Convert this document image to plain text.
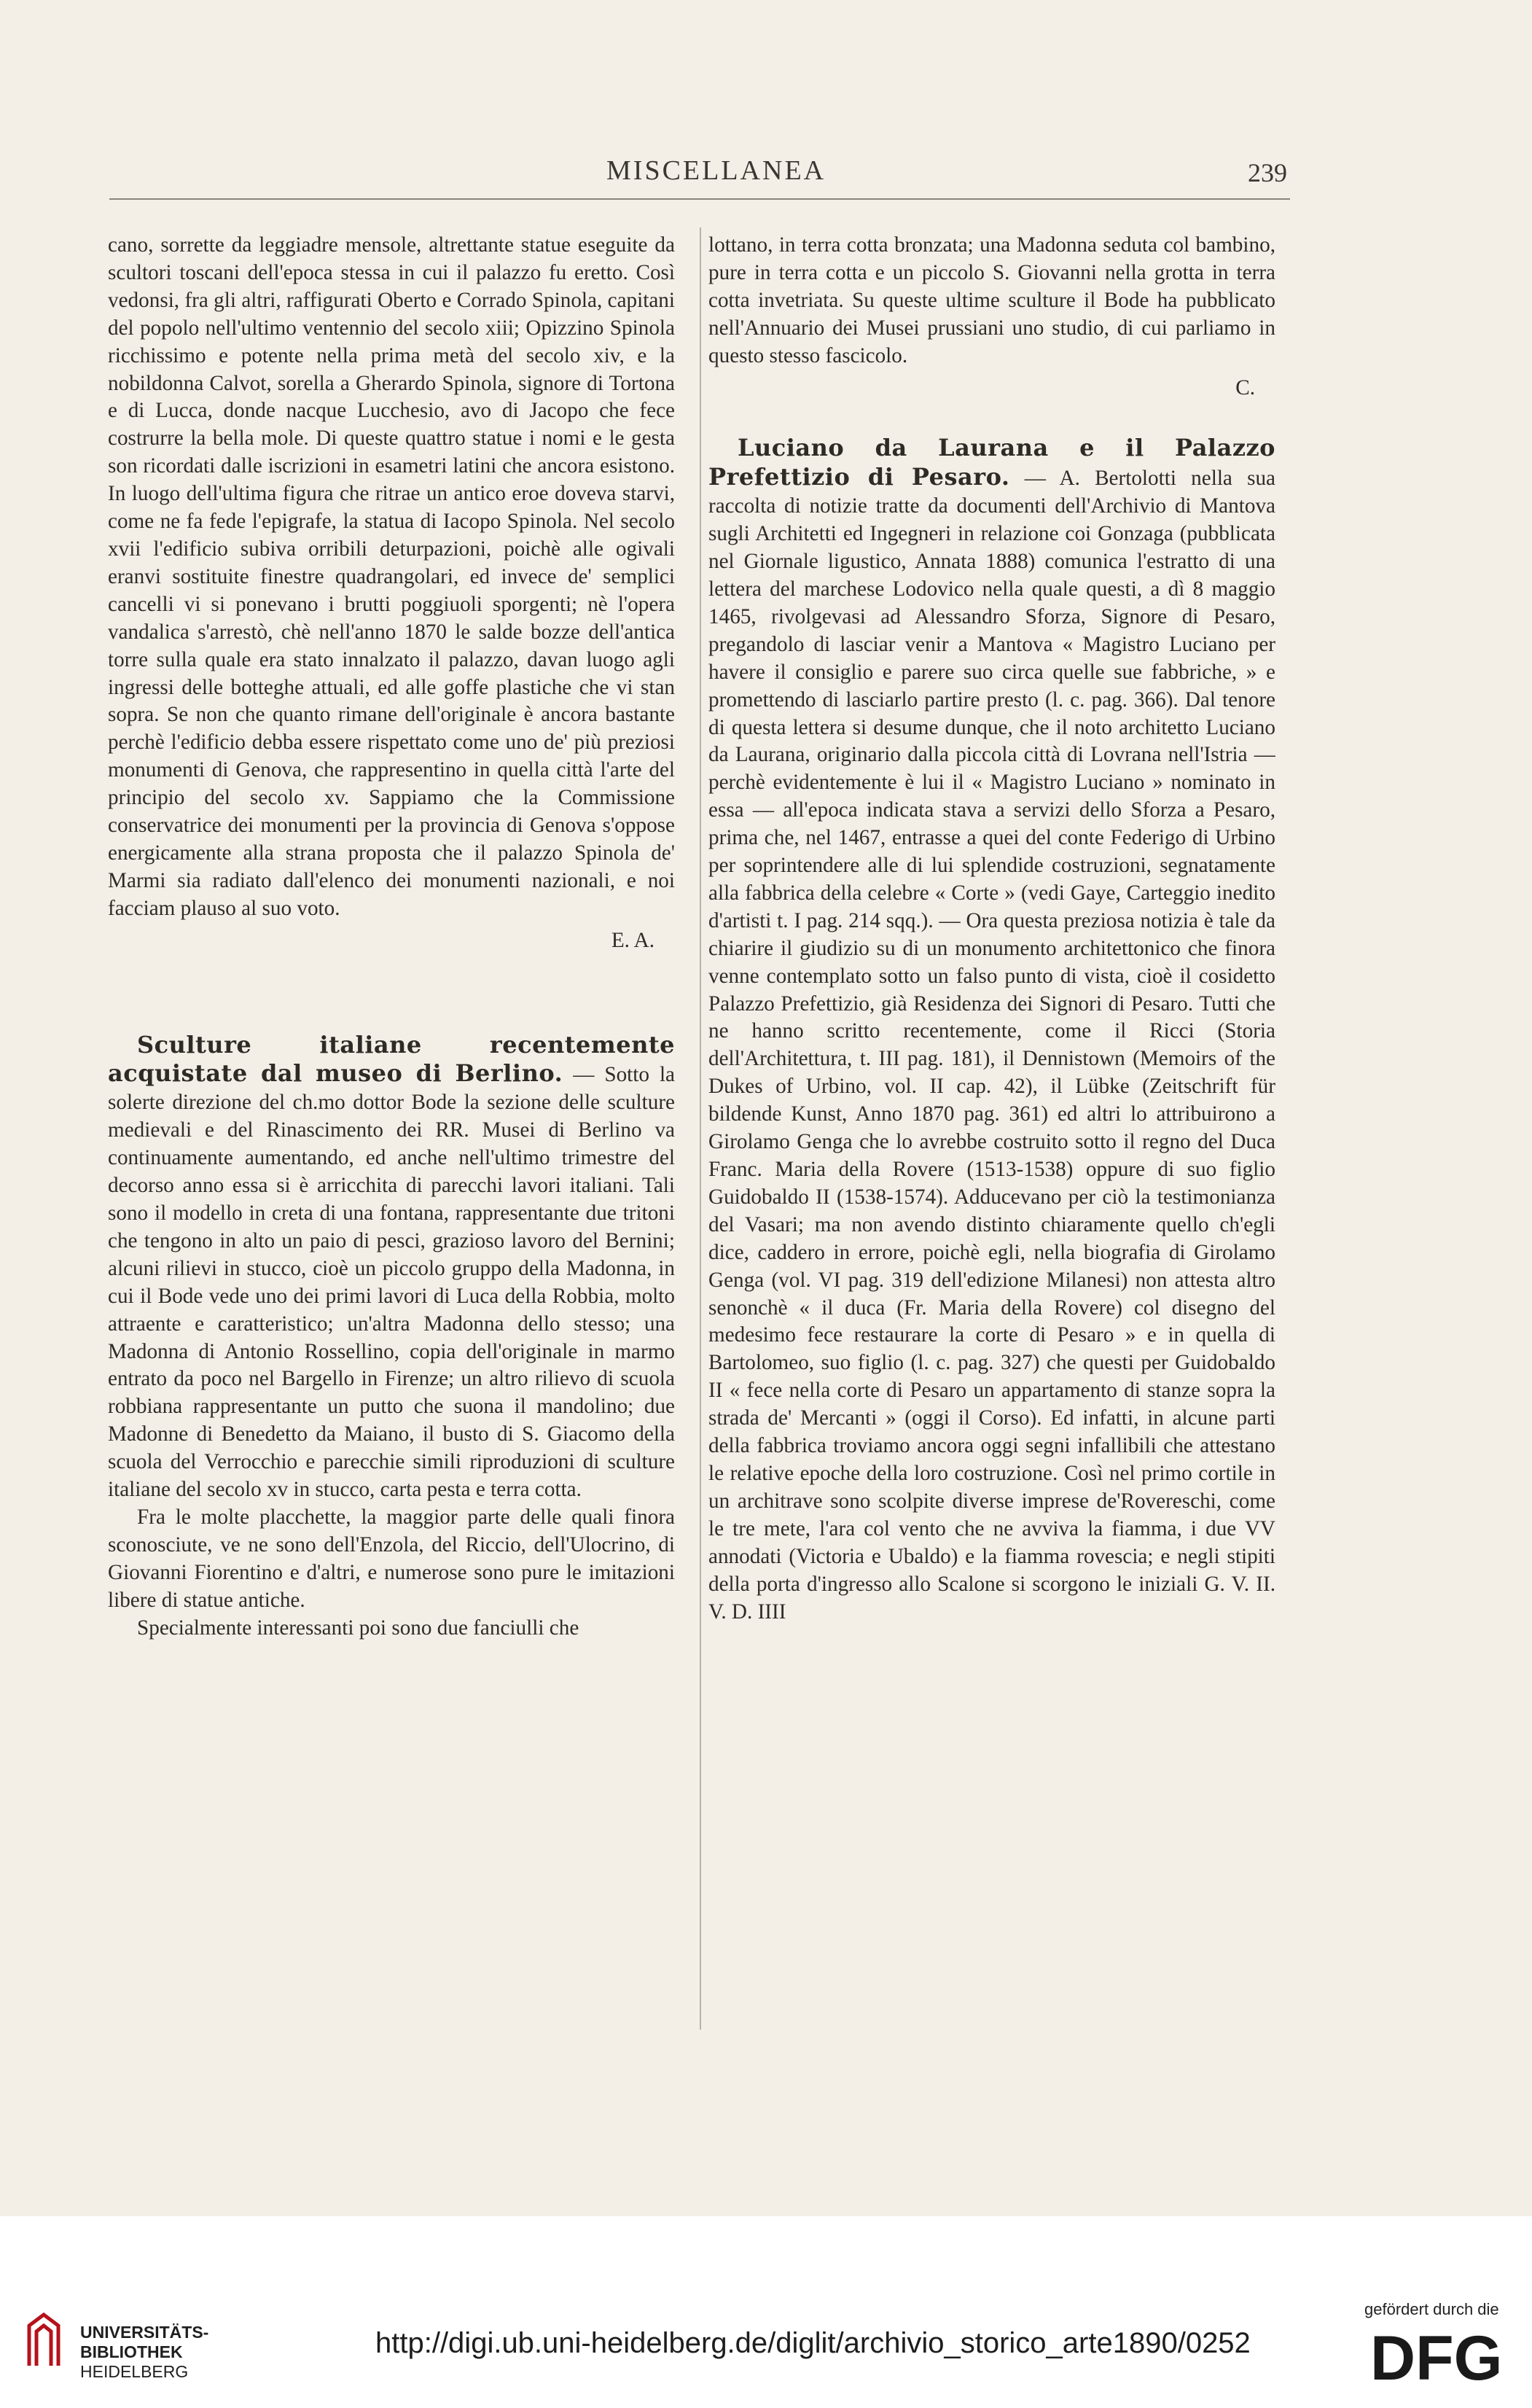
MISCELLANEA	239

cano, sorrette da leggiadre mensole, altrettante statue eseguite da scultori toscani dell'epoca stessa in cui il palazzo fu eretto. Così vedonsi, fra gli altri, raffigurati Oberto e Corrado Spinola, capitani del popolo nell'ultimo ventennio del secolo xiii; Opizzino Spinola ricchissimo e potente nella prima metà del secolo xiv, e la nobildonna Calvot, sorella a Gherardo Spinola, signore di Tortona e di Lucca, donde nacque Lucchesio, avo di Jacopo che fece costrurre la bella mole. Di queste quattro statue i nomi e le gesta son ricordati dalle iscrizioni in esametri latini che ancora esistono. In luogo dell'ultima figura che ritrae un antico eroe doveva starvi, come ne fa fede l'epigrafe, la statua di Iacopo Spinola. Nel secolo xvii l'edificio subiva orribili deturpazioni, poichè alle ogivali eranvi sostituite finestre quadrangolari, ed invece de' semplici cancelli vi si ponevano i brutti poggiuoli sporgenti; nè l'opera vandalica s'arrestò, chè nell'anno 1870 le salde bozze dell'antica torre sulla quale era stato innalzato il palazzo, davan luogo agli ingressi delle botteghe attuali, ed alle goffe plastiche che vi stan sopra. Se non che quanto rimane dell'originale è ancora bastante perchè l'edificio debba essere rispettato come uno de' più preziosi monumenti di Genova, che rappresentino in quella città l'arte del principio del secolo xv. Sappiamo che la Commissione conservatrice dei monumenti per la provincia di Genova s'oppose energicamente alla strana proposta che il palazzo Spinola de' Marmi sia radiato dall'elenco dei monumenti nazionali, e noi facciam plauso al suo voto.

E. A.

Sculture italiane recentemente acquistate dal museo di Berlino. — Sotto la solerte direzione del ch.mo dottor Bode la sezione delle sculture medievali e del Rinascimento dei RR. Musei di Berlino va continuamente aumentando, ed anche nell'ultimo trimestre del decorso anno essa si è arricchita di parecchi lavori italiani. Tali sono il modello in creta di una fontana, rappresentante due tritoni che tengono in alto un paio di pesci, grazioso lavoro del Bernini; alcuni rilievi in stucco, cioè un piccolo gruppo della Madonna, in cui il Bode vede uno dei primi lavori di Luca della Robbia, molto attraente e caratteristico; un'altra Madonna dello stesso; una Madonna di Antonio Rossellino, copia dell'originale in marmo entrato da poco nel Bargello in Firenze; un altro rilievo di scuola robbiana rappresentante un putto che suona il mandolino; due Madonne di Benedetto da Maiano, il busto di S. Giacomo della scuola del Verrocchio e parecchie simili riproduzioni di sculture italiane del secolo xv in stucco, carta pesta e terra cotta.

Fra le molte placchette, la maggior parte delle quali finora sconosciute, ve ne sono dell'Enzola, del Riccio, dell'Ulocrino, di Giovanni Fiorentino e d'altri, e numerose sono pure le imitazioni libere di statue antiche.

Specialmente interessanti poi sono due fanciulli che

lottano, in terra cotta bronzata; una Madonna seduta col bambino, pure in terra cotta e un piccolo S. Giovanni nella grotta in terra cotta invetriata. Su queste ultime sculture il Bode ha pubblicato nell'Annuario dei Musei prussiani uno studio, di cui parliamo in questo stesso fascicolo.

C.

Luciano da Laurana e il Palazzo Prefettizio di Pesaro. — A. Bertolotti nella sua raccolta di notizie tratte da documenti dell'Archivio di Mantova sugli Architetti ed Ingegneri in relazione coi Gonzaga (pubblicata nel Giornale ligustico, Annata 1888) comunica l'estratto di una lettera del marchese Lodovico nella quale questi, a dì 8 maggio 1465, rivolgevasi ad Alessandro Sforza, Signore di Pesaro, pregandolo di lasciar venir a Mantova « Magistro Luciano per havere il consiglio e parere suo circa quelle sue fabbriche, » e promettendo di lasciarlo partire presto (l. c. pag. 366). Dal tenore di questa lettera si desume dunque, che il noto architetto Luciano da Laurana, originario dalla piccola città di Lovrana nell'Istria — perchè evidentemente è lui il « Magistro Luciano » nominato in essa — all'epoca indicata stava a servizi dello Sforza a Pesaro, prima che, nel 1467, entrasse a quei del conte Federigo di Urbino per soprintendere alle di lui splendide costruzioni, segnatamente alla fabbrica della celebre « Corte » (vedi Gaye, Carteggio inedito d'artisti t. I pag. 214 sqq.). — Ora questa preziosa notizia è tale da chiarire il giudizio su di un monumento architettonico che finora venne contemplato sotto un falso punto di vista, cioè il cosidetto Palazzo Prefettizio, già Residenza dei Signori di Pesaro. Tutti che ne hanno scritto recentemente, come il Ricci (Storia dell'Architettura, t. III pag. 181), il Dennistown (Memoirs of the Dukes of Urbino, vol. II cap. 42), il Lübke (Zeitschrift für bildende Kunst, Anno 1870 pag. 361) ed altri lo attribuirono a Girolamo Genga che lo avrebbe costruito sotto il regno del Duca Franc. Maria della Rovere (1513-1538) oppure di suo figlio Guidobaldo II (1538-1574). Adducevano per ciò la testimonianza del Vasari; ma non avendo distinto chiaramente quello ch'egli dice, caddero in errore, poichè egli, nella biografia di Girolamo Genga (vol. VI pag. 319 dell'edizione Milanesi) non attesta altro senonchè « il duca (Fr. Maria della Rovere) col disegno del medesimo fece restaurare la corte di Pesaro » e in quella di Bartolomeo, suo figlio (l. c. pag. 327) che questi per Guidobaldo II « fece nella corte di Pesaro un appartamento di stanze sopra la strada de' Mercanti » (oggi il Corso). Ed infatti, in alcune parti della fabbrica troviamo ancora oggi segni infallibili che attestano le relative epoche della loro costruzione. Così nel primo cortile in un architrave sono scolpite diverse imprese de'Rovereschi, come le tre mete, l'ara col vento che ne avviva la fiamma, i due VV annodati (Victoria e Ubaldo) e la fiamma rovescia; e negli stipiti della porta d'ingresso allo Scalone si scorgono le iniziali G. V. II. V. D. IIII

UNIVERSITÄTS-
BIBLIOTHEK
HEIDELBERG
http://digi.ub.uni-heidelberg.de/diglit/archivio_storico_arte1890/0252
gefördert durch die
DFG
